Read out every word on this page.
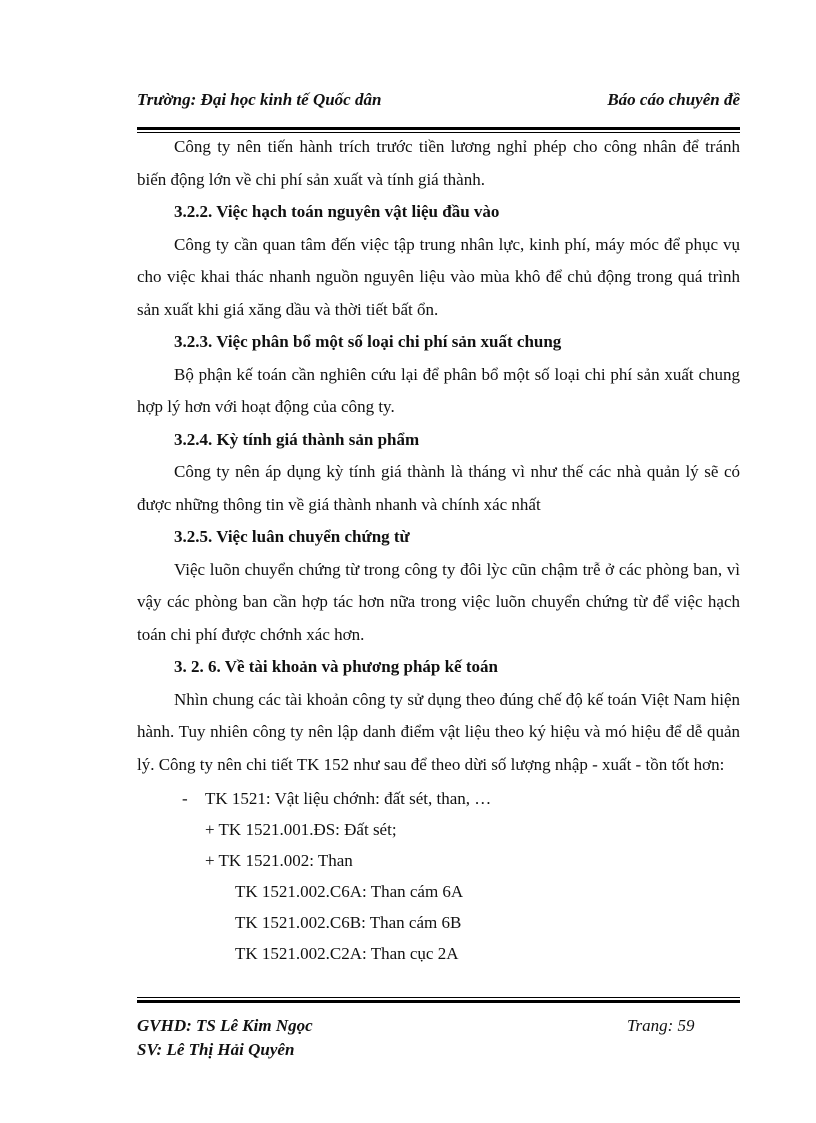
Trường: Đại học kinh tế Quốc dân	Báo cáo chuyên đề

Công ty nên tiến hành trích trước tiền lương nghỉ phép cho công nhân để tránh biến động lớn về chi phí sản xuất và tính giá thành.

3.2.2. Việc hạch toán nguyên vật liệu đầu vào

Công ty cần quan tâm đến việc tập trung nhân lực, kinh phí, máy móc để phục vụ cho việc khai thác nhanh nguồn nguyên liệu vào mùa khô để chủ động trong quá trình sản xuất khi giá xăng dầu và thời tiết bất ổn.

3.2.3. Việc phân bổ một số loại chi phí sản xuất chung

Bộ phận kế toán cần nghiên cứu lại để phân bổ một số loại chi phí sản xuất chung hợp lý hơn với hoạt động của công ty.

3.2.4. Kỳ tính giá thành sản phẩm

Công ty nên áp dụng kỳ tính giá thành là tháng vì như thế các nhà quản lý sẽ có được những thông tin về giá thành nhanh và chính xác nhất

3.2.5. Việc luân chuyển chứng từ

Việc luõn chuyển chứng từ trong công ty đôi lỳc cũn chậm trễ ở các phòng ban, vì vậy các phòng ban cần hợp tác hơn nữa trong việc luõn chuyển chứng từ để việc hạch toán chi phí được chớnh xác hơn.

3. 2. 6. Về tài khoản và phương pháp kế toán

Nhìn chung các tài khoản công ty sử dụng theo đúng chế độ kế toán Việt Nam hiện hành. Tuy nhiên công ty nên lập danh điểm vật liệu theo ký hiệu và mó hiệu để dễ quản lý. Công ty nên chi tiết TK 152 như sau để theo dừi số lượng nhập - xuất - tồn tốt hơn:

- TK 1521: Vật liệu chớnh: đất sét, than, …

+ TK 1521.001.ĐS: Đất sét;

+ TK 1521.002: Than

TK 1521.002.C6A: Than cám 6A

TK 1521.002.C6B: Than cám 6B

TK 1521.002.C2A: Than cục 2A

GVHD: TS Lê Kim Ngọc
SV: Lê Thị Hải Quyên
Trang: 59
